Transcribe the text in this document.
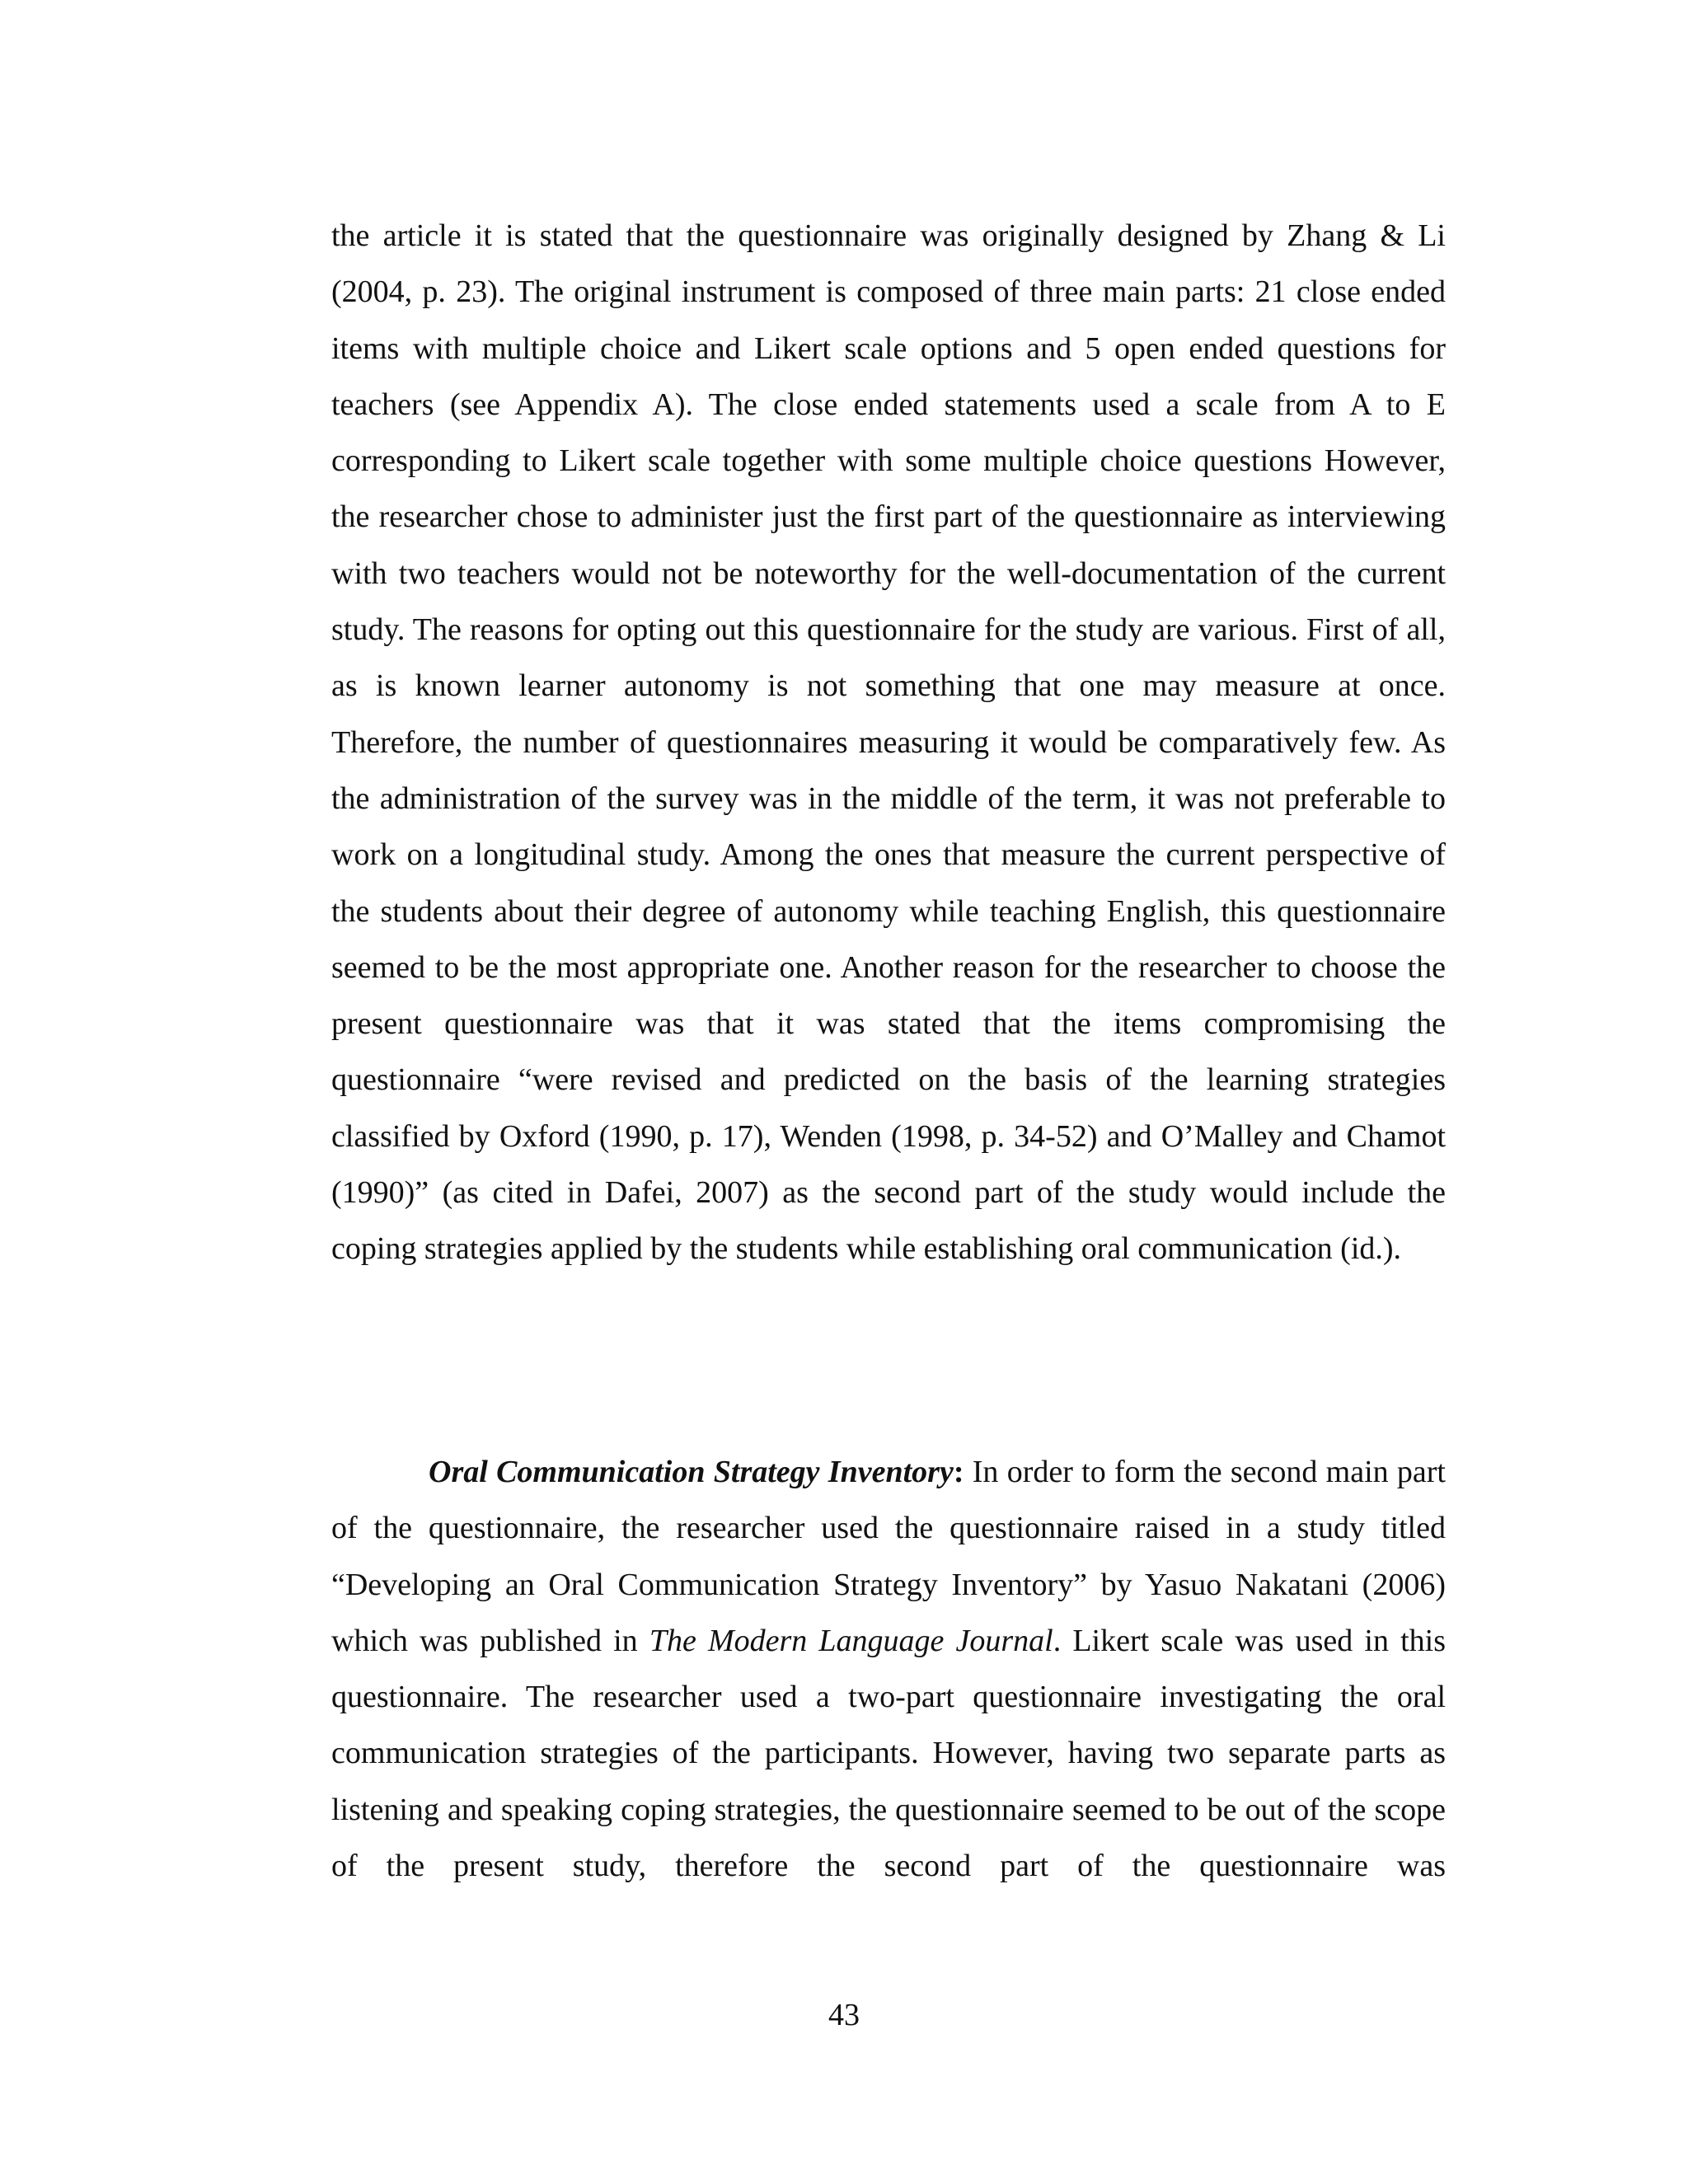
the article it is stated that the questionnaire was originally designed by Zhang & Li (2004, p. 23). The original instrument is composed of three main parts: 21 close ended items with multiple choice and Likert scale options and 5 open ended questions for teachers (see Appendix A). The close ended statements used a scale from A to E corresponding to Likert scale together with some multiple choice questions However, the researcher chose to administer just the first part of the questionnaire as interviewing with two teachers would not be noteworthy for the well-documentation of the current study. The reasons for opting out this questionnaire for the study are various. First of all, as is known learner autonomy is not something that one may measure at once. Therefore, the number of questionnaires measuring it would be comparatively few. As the administration of the survey was in the middle of the term, it was not preferable to work on a longitudinal study. Among the ones that measure the current perspective of the students about their degree of autonomy while teaching English, this questionnaire seemed to be the most appropriate one. Another reason for the researcher to choose the present questionnaire was that it was stated that the items compromising the questionnaire “were revised and predicted on the basis of the learning strategies classified by Oxford (1990, p. 17), Wenden (1998, p. 34-52) and O’Malley and Chamot (1990)” (as cited in Dafei, 2007) as the second part of the study would include the coping strategies applied by the students while establishing oral communication (id.).

Oral Communication Strategy Inventory: In order to form the second main part of the questionnaire, the researcher used the questionnaire raised in a study titled “Developing an Oral Communication Strategy Inventory” by Yasuo Nakatani (2006) which was published in The Modern Language Journal. Likert scale was used in this questionnaire. The researcher used a two-part questionnaire investigating the oral communication strategies of the participants. However, having two separate parts as listening and speaking coping strategies, the questionnaire seemed to be out of the scope of the present study, therefore the second part of the questionnaire was

43
